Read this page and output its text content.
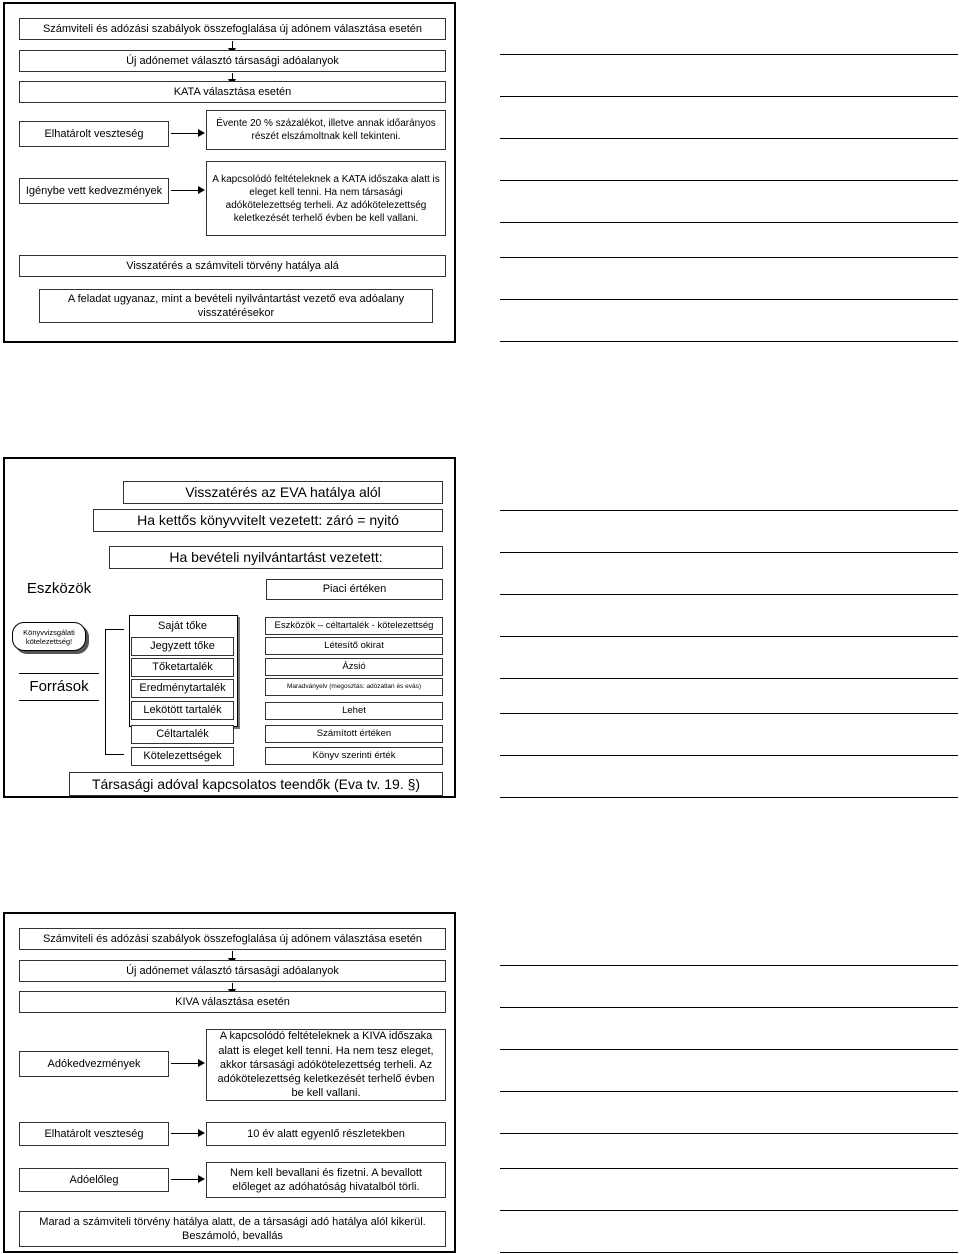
Számviteli és adózási szabályok összefoglalása új adónem választása esetén
Új adónemet választó társasági adóalanyok
KATA választása esetén
Elhatárolt veszteség
Évente 20 % százalékot, illetve annak időarányos részét elszámoltnak kell tekinteni.
Igénybe vett kedvezmények
A kapcsolódó feltételeknek a KATA időszaka alatt is eleget kell tenni. Ha nem társasági adókötelezettség terheli. Az adókötelezettség keletkezését terhelő évben be kell vallani.
Visszatérés a számviteli törvény hatálya alá
A feladat ugyanaz, mint a bevételi nyilvántartást vezető eva adóalany visszatérésekor
Visszatérés az EVA hatálya alól
Ha kettős könyvvitelt vezetett: záró = nyitó
Ha bevételi nyilvántartást vezetett:
Eszközök	Piaci értéken
Könyvvizsgálati kötelezettség!
Források
Saját tőke
Jegyzett tőke
Tőketartalék
Eredménytartalék
Lekötött tartalék
Céltartalék
Kötelezettségek
Eszközök – céltartalék - kötelezettség
Létesítő okirat
Ázsió
Maradványelv (megosztás: adózatlan és evás)
Lehet
Számított értéken
Könyv szerinti érték
Társasági adóval kapcsolatos teendők (Eva tv. 19. §)
Számviteli és adózási szabályok összefoglalása új adónem választása esetén
Új adónemet választó társasági adóalanyok
KIVA választása esetén
Adókedvezmények
A kapcsolódó feltételeknek a KIVA időszaka alatt is eleget kell tenni. Ha nem tesz eleget, akkor társasági adókötelezettség terheli. Az adókötelezettség keletkezését terhelő évben be kell vallani.
Elhatárolt veszteség	10 év alatt egyenlő részletekben
Adóelőleg
Nem kell bevallani és fizetni. A bevallott előleget az adóhatóság hivatalból törli.
Marad a számviteli törvény hatálya alatt, de a társasági adó hatálya alól kikerül. Beszámoló, bevallás
